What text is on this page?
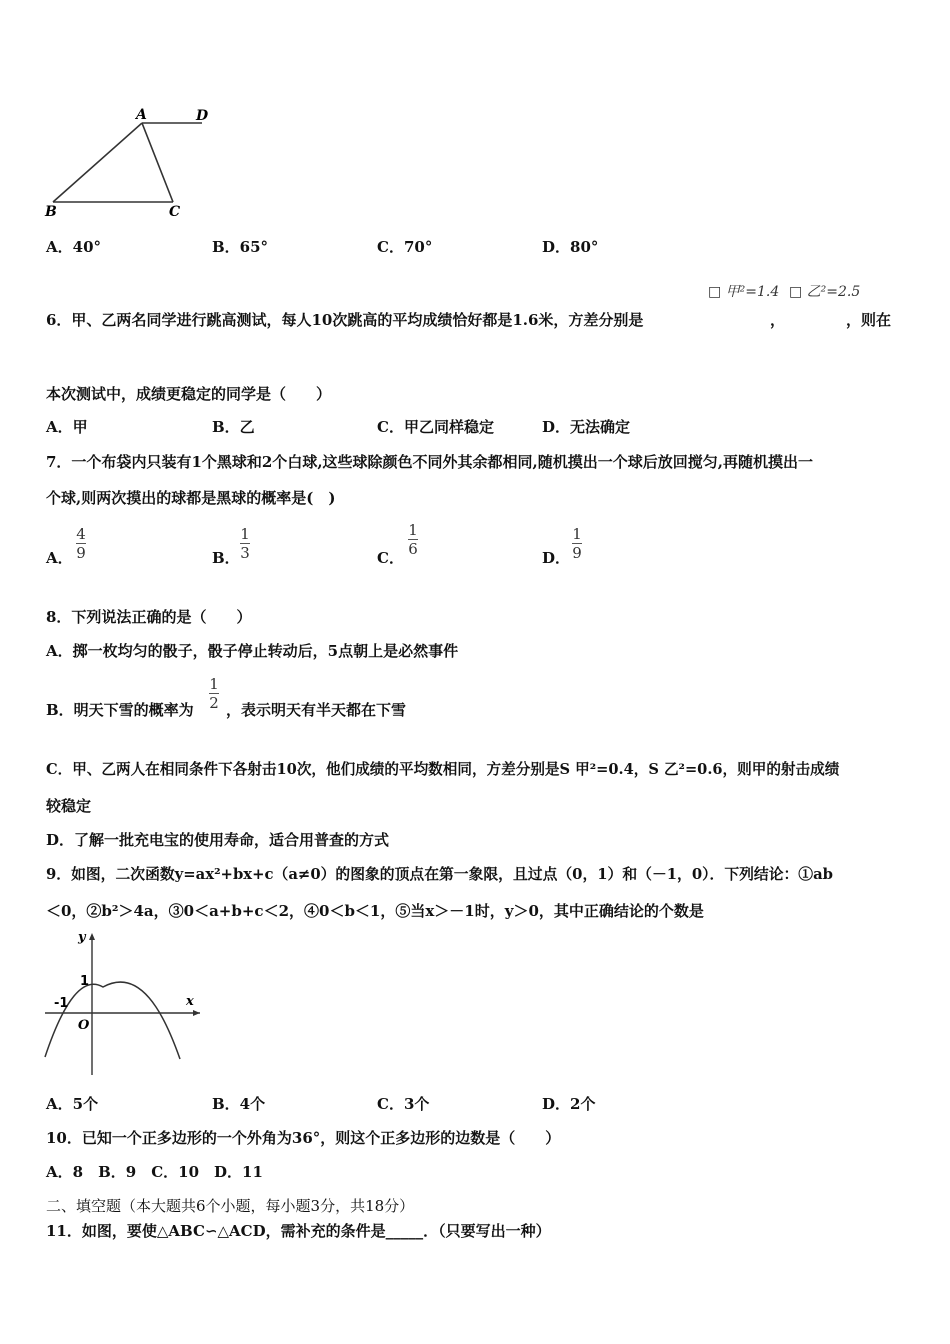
A	D
B	C
A．40°	B．65°	C．70°	D．80°
□ 甲²=1.4 □ 乙²=2.5
6．甲、乙两名同学进行跳高测试，每人10次跳高的平均成绩恰好都是1.6米，方差分别是	，	，则在
本次测试中，成绩更稳定的同学是（　　）
A．甲	B．乙	C．甲乙同样稳定	D．无法确定
7．一个布袋内只装有1个黑球和2个白球,这些球除颜色不同外其余都相同,随机摸出一个球后放回搅匀,再随机摸出一
个球,则两次摸出的球都是黑球的概率是(　)
A．
4
9	B．
1
3	C．
1
6	D．
1
9
8．下列说法正确的是（　　）
A．掷一枚均匀的骰子，骰子停止转动后，5点朝上是必然事件
B．明天下雪的概率为
1
2 ，表示明天有半天都在下雪
C．甲、乙两人在相同条件下各射击10次，他们成绩的平均数相同，方差分别是S 甲²=0.4，S 乙²=0.6，则甲的射击成绩
较稳定
D．了解一批充电宝的使用寿命，适合用普查的方式
9．如图，二次函数y=ax²+bx+c（a≠0）的图象的顶点在第一象限，且过点（0，1）和（－1，0）．下列结论：①ab
＜0，②b²＞4a，③0＜a+b+c＜2，④0＜b＜1，⑤当x＞－1时，y＞0，其中正确结论的个数是
y
x
1
-1
O
A．5个	B．4个	C．3个	D．2个
10．已知一个正多边形的一个外角为36°，则这个正多边形的边数是（　　）
A．8　B．9　C．10　D．11
二、填空题（本大题共6个小题，每小题3分，共18分）
11．如图，要使△ABC∽△ACD，需补充的条件是_____．（只要写出一种）
